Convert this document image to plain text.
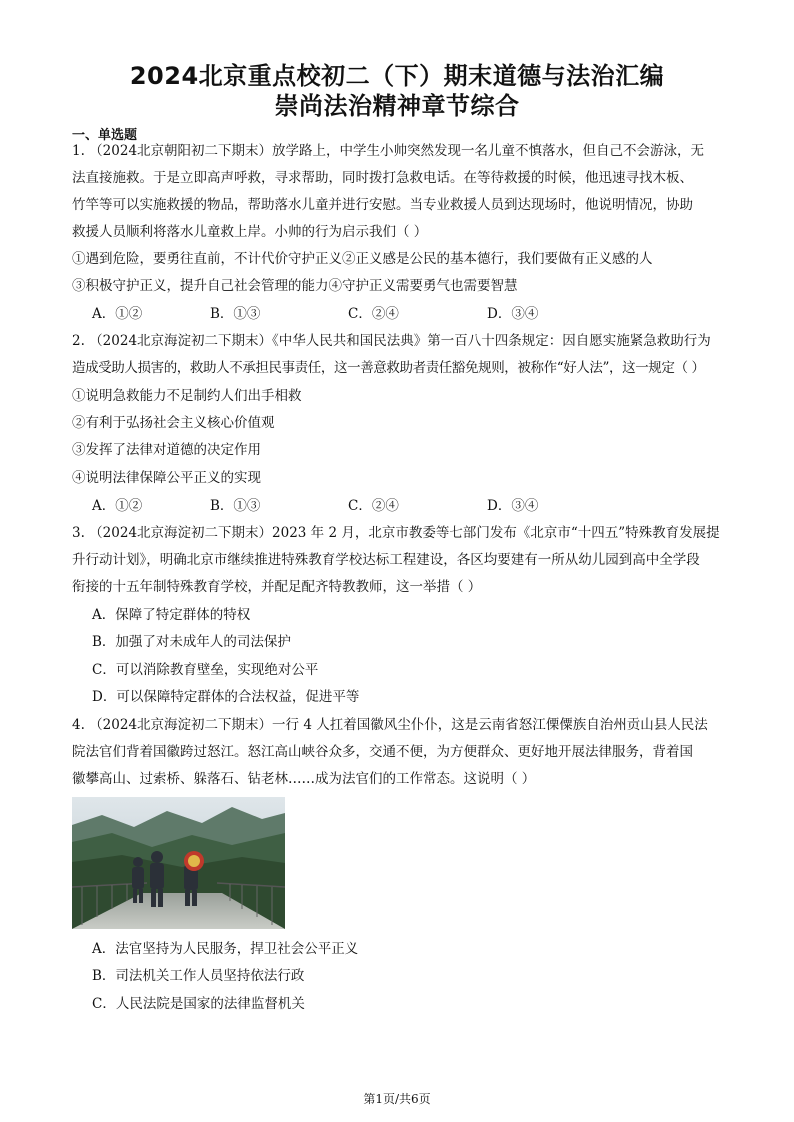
2024北京重点校初二（下）期末道德与法治汇编
崇尚法治精神章节综合
一、单选题
1. （2024北京朝阳初二下期末）放学路上，中学生小帅突然发现一名儿童不慎落水，但自己不会游泳，无
法直接施救。于是立即高声呼救，寻求帮助，同时拨打急救电话。在等待救援的时候，他迅速寻找木板、
竹竿等可以实施救援的物品，帮助落水儿童并进行安慰。当专业救援人员到达现场时，他说明情况，协助
救援人员顺利将落水儿童救上岸。小帅的行为启示我们（ ）
①遇到危险，要勇往直前，不计代价守护正义②正义感是公民的基本德行，我们要做有正义感的人
③积极守护正义，提升自己社会管理的能力④守护正义需要勇气也需要智慧
A．①②	B．①③	C．②④	D．③④
2. （2024北京海淀初二下期末）《中华人民共和国民法典》第一百八十四条规定：因自愿实施紧急救助行为
造成受助人损害的，救助人不承担民事责任，这一善意救助者责任豁免规则，被称作“好人法”，这一规定（ ）
①说明急救能力不足制约人们出手相救
②有利于弘扬社会主义核心价值观
③发挥了法律对道德的决定作用
④说明法律保障公平正义的实现
A．①②	B．①③	C．②④	D．③④
3. （2024北京海淀初二下期末）2023 年 2 月，北京市教委等七部门发布《北京市“十四五”特殊教育发展提
升行动计划》，明确北京市继续推进特殊教育学校达标工程建设，各区均要建有一所从幼儿园到高中全学段
衔接的十五年制特殊教育学校，并配足配齐特教教师，这一举措（ ）
A．保障了特定群体的特权
B．加强了对未成年人的司法保护
C．可以消除教育壁垒，实现绝对公平
D．可以保障特定群体的合法权益，促进平等
4. （2024北京海淀初二下期末）一行 4 人扛着国徽风尘仆仆，这是云南省怒江傈僳族自治州贡山县人民法
院法官们背着国徽跨过怒江。怒江高山峡谷众多，交通不便，为方便群众、更好地开展法律服务，背着国
徽攀高山、过索桥、躲落石、钻老林……成为法官们的工作常态。这说明（ ）
A．法官坚持为人民服务，捍卫社会公平正义
B．司法机关工作人员坚持依法行政
C．人民法院是国家的法律监督机关
第1页/共6页
